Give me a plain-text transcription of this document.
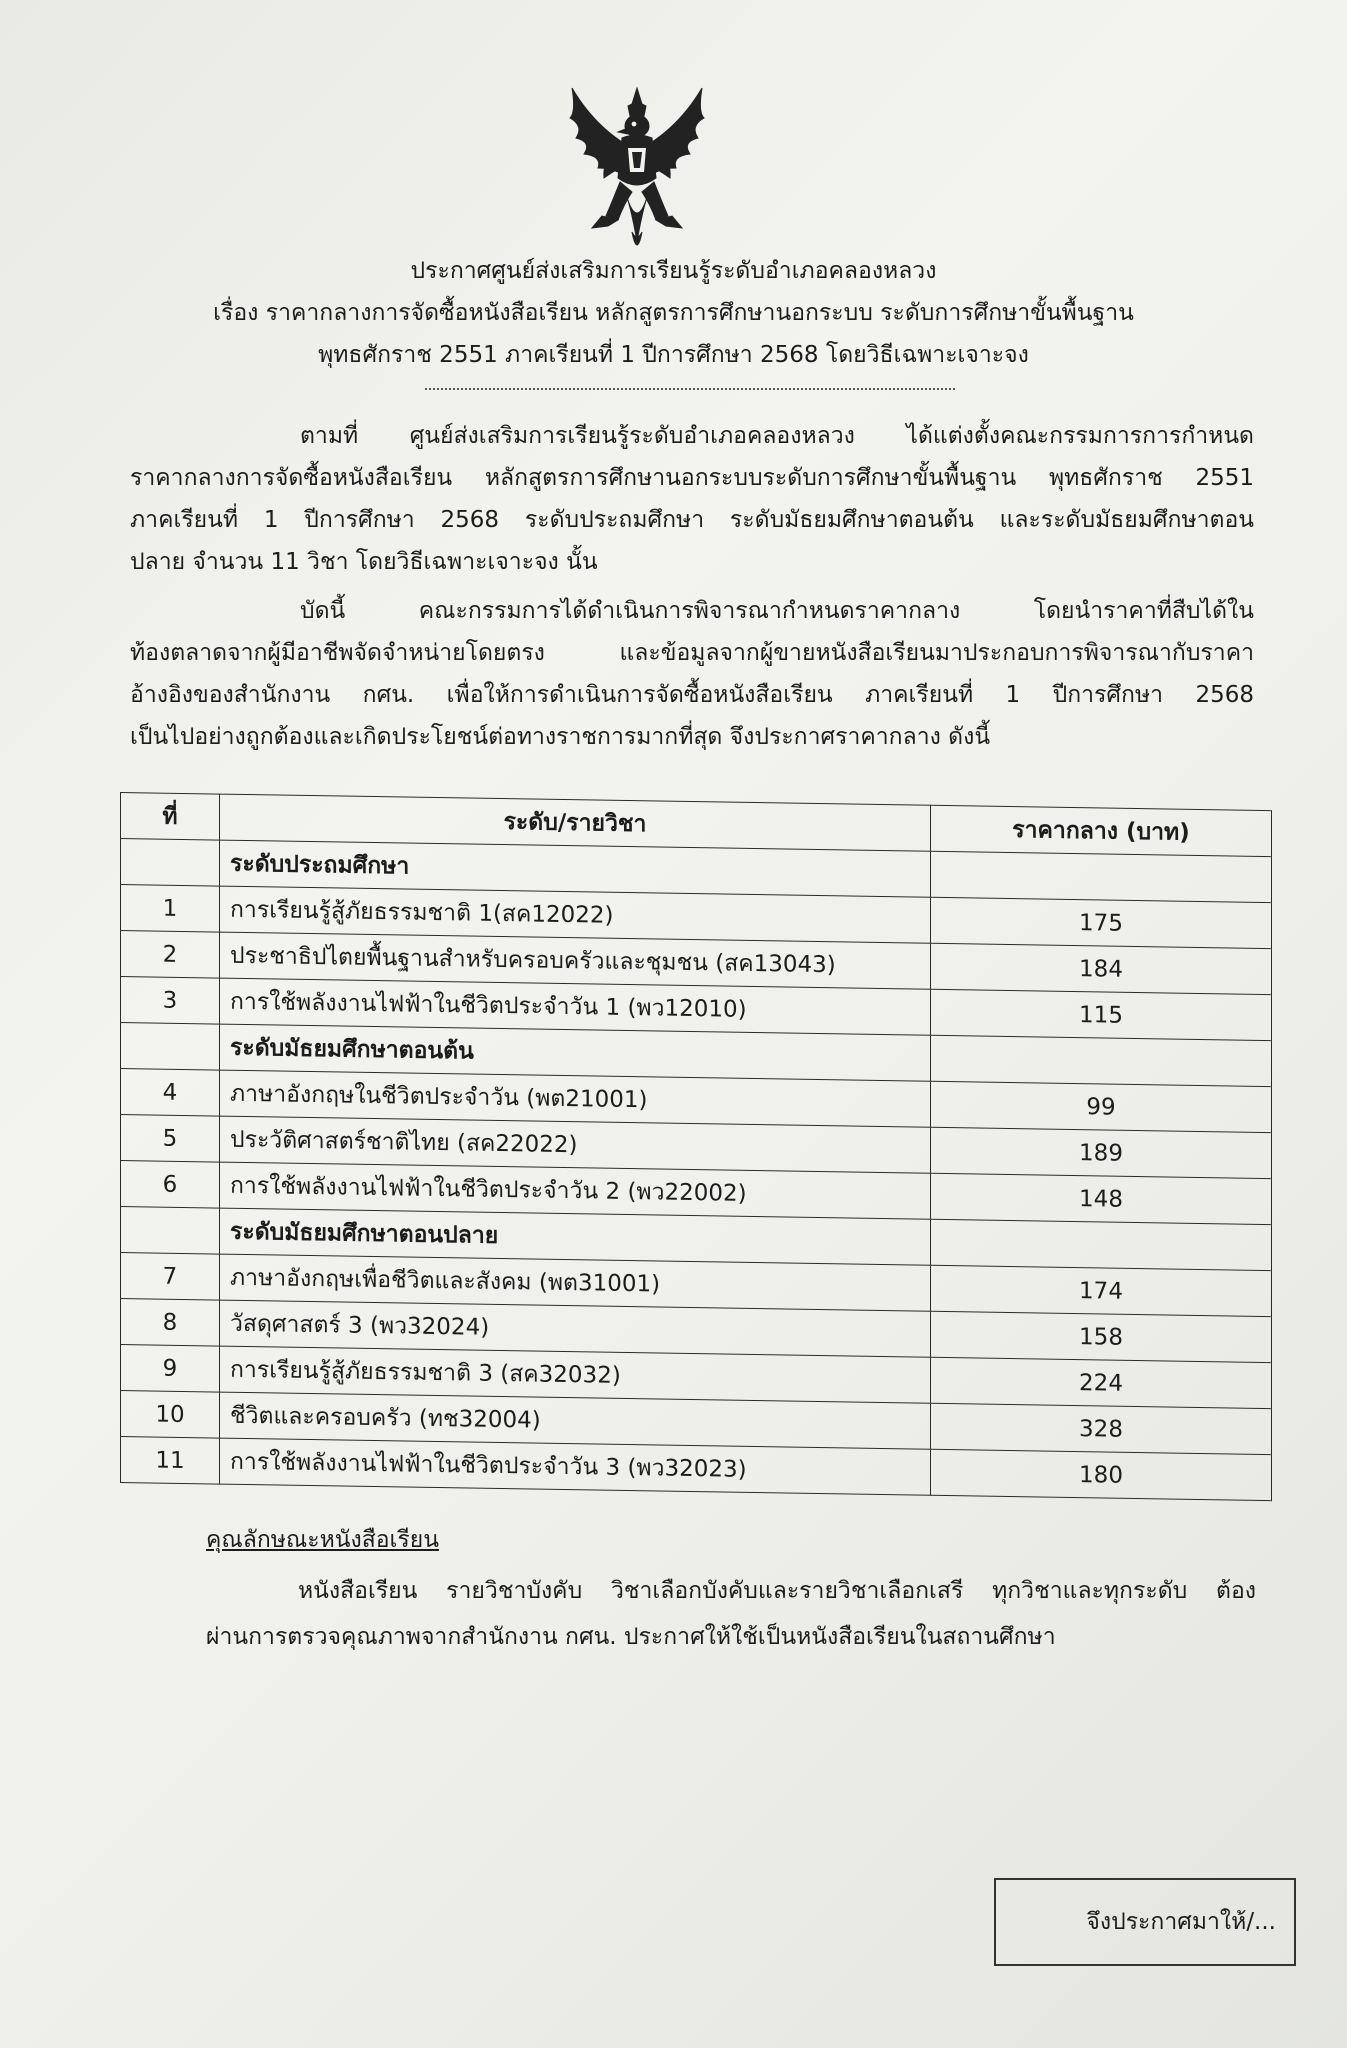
ประกาศศูนย์ส่งเสริมการเรียนรู้ระดับอำเภอคลองหลวง
เรื่อง ราคากลางการจัดซื้อหนังสือเรียน หลักสูตรการศึกษานอกระบบ ระดับการศึกษาขั้นพื้นฐาน
พุทธศักราช 2551 ภาคเรียนที่ 1 ปีการศึกษา 2568 โดยวิธีเฉพาะเจาะจง
ตามที่ ศูนย์ส่งเสริมการเรียนรู้ระดับอำเภอคลองหลวง ได้แต่งตั้งคณะกรรมการการกำหนด
ราคากลางการจัดซื้อหนังสือเรียน หลักสูตรการศึกษานอกระบบระดับการศึกษาขั้นพื้นฐาน พุทธศักราช 2551
ภาคเรียนที่ 1 ปีการศึกษา 2568 ระดับประถมศึกษา ระดับมัธยมศึกษาตอนต้น และระดับมัธยมศึกษาตอน
ปลาย จำนวน 11 วิชา โดยวิธีเฉพาะเจาะจง นั้น
บัดนี้ คณะกรรมการได้ดำเนินการพิจารณากำหนดราคากลาง โดยนำราคาที่สืบได้ใน
ท้องตลาดจากผู้มีอาชีพจัดจำหน่ายโดยตรง และข้อมูลจากผู้ขายหนังสือเรียนมาประกอบการพิจารณากับราคา
อ้างอิงของสำนักงาน กศน. เพื่อให้การดำเนินการจัดซื้อหนังสือเรียน ภาคเรียนที่ 1 ปีการศึกษา 2568
เป็นไปอย่างถูกต้องและเกิดประโยชน์ต่อทางราชการมากที่สุด จึงประกาศราคากลาง ดังนี้
ที่	ระดับ/รายวิชา	ราคากลาง (บาท)
	ระดับประถมศึกษา	
1	การเรียนรู้สู้ภัยธรรมชาติ 1(สค12022)	175
2	ประชาธิปไตยพื้นฐานสำหรับครอบครัวและชุมชน (สค13043)	184
3	การใช้พลังงานไฟฟ้าในชีวิตประจำวัน 1 (พว12010)	115
	ระดับมัธยมศึกษาตอนต้น	
4	ภาษาอังกฤษในชีวิตประจำวัน (พต21001)	99
5	ประวัติศาสตร์ชาติไทย (สค22022)	189
6	การใช้พลังงานไฟฟ้าในชีวิตประจำวัน 2 (พว22002)	148
	ระดับมัธยมศึกษาตอนปลาย	
7	ภาษาอังกฤษเพื่อชีวิตและสังคม (พต31001)	174
8	วัสดุศาสตร์ 3 (พว32024)	158
9	การเรียนรู้สู้ภัยธรรมชาติ 3 (สค32032)	224
10	ชีวิตและครอบครัว (ทช32004)	328
11	การใช้พลังงานไฟฟ้าในชีวิตประจำวัน 3 (พว32023)	180
คุณลักษณะหนังสือเรียน
หนังสือเรียน รายวิชาบังคับ วิชาเลือกบังคับและรายวิชาเลือกเสรี ทุกวิชาและทุกระดับ ต้อง
ผ่านการตรวจคุณภาพจากสำนักงาน กศน. ประกาศให้ใช้เป็นหนังสือเรียนในสถานศึกษา
จึงประกาศมาให้/...
